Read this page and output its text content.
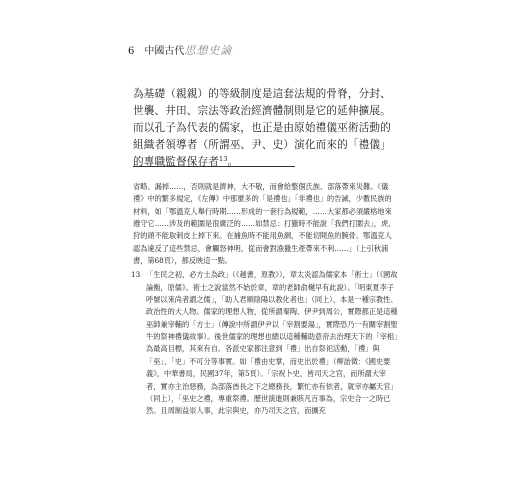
6 中國古代思想史論

為基礎（親親）的等級制度是這套法規的骨脊，分封、世襲、井田、宗法等政治經濟體制則是它的延伸擴展。而以孔子為代表的儒家，也正是由原始禮儀巫術活動的組織者領導者（所謂巫、尹、史）演化而來的「禮儀」的專職監督保存者$^{13}$。

省略、漏掉……，否則就是濟神，大不敬，而會給整個氏族、部落帶來災難。《儀禮》中的繁多規定，《左傳》中那麼多的「是禮也」「非禮也」的告誡，少數民族的材料，如「鄂溫克人舉行時期……形成的一套行為規範，……大家都必須嚴格地來遵守它……涉及的範圍是很廣泛的……如禁忌：打獵時不能說「我們打圍去」，虎、狩的頭不能取刺皮上掉下來。在捕魚時不能用魚網，不能切開魚的腕骨。鄂溫克人認為違反了這些禁忌，會觸怒神明，從而會對漁獵生產帶來不利……」（上引秋浦書，第68頁），都反映這一點。

13 「生民之初，必方士為政」（《越書，原教》），章太炎認為儒家本「術士」（《國故論衡，原儒》。術士之說當然不始於章，章的老師俞樾早有此說）。「明東夏李子呼號以來尚者謂之儒」，「助人君順陰陽以教化者也」（同上），本是一種宗教性、政治性的大人物。儒家的理想人物，從所謂秦陶、伊尹到周公，實際都正是這種巫師兼宰輔的「方士」（傳說中所謂伊尹以「宰割要湯」，實際恐乃一有關宰割聖牛的祭神禮儀故事）。後世儒家的理想也總以這種輔助意帝去治理天下的「宰相」為最高目標，其來有自。各派史家都注意到「禮」出自祭祀活動，「禮」與「巫」、「史」不可分等事實。如「禮由史掌，而史出於禮」（柳詒徵：《國史要義》，中華書局，民國37年，第5頁）。「宗祝卜史，皆司天之官，而所謂大宰者，實亦主治惡務，為部落酋長之下之總務長，繁忙亦有依者，就宰亦屬天官」（同上），「巫史之禮，專重祭禮。歷世演進則兼賅凡百事為，宗史合一之時已然。且周制益崇人事，此宗與史，亦乃司天之官，而擴充
